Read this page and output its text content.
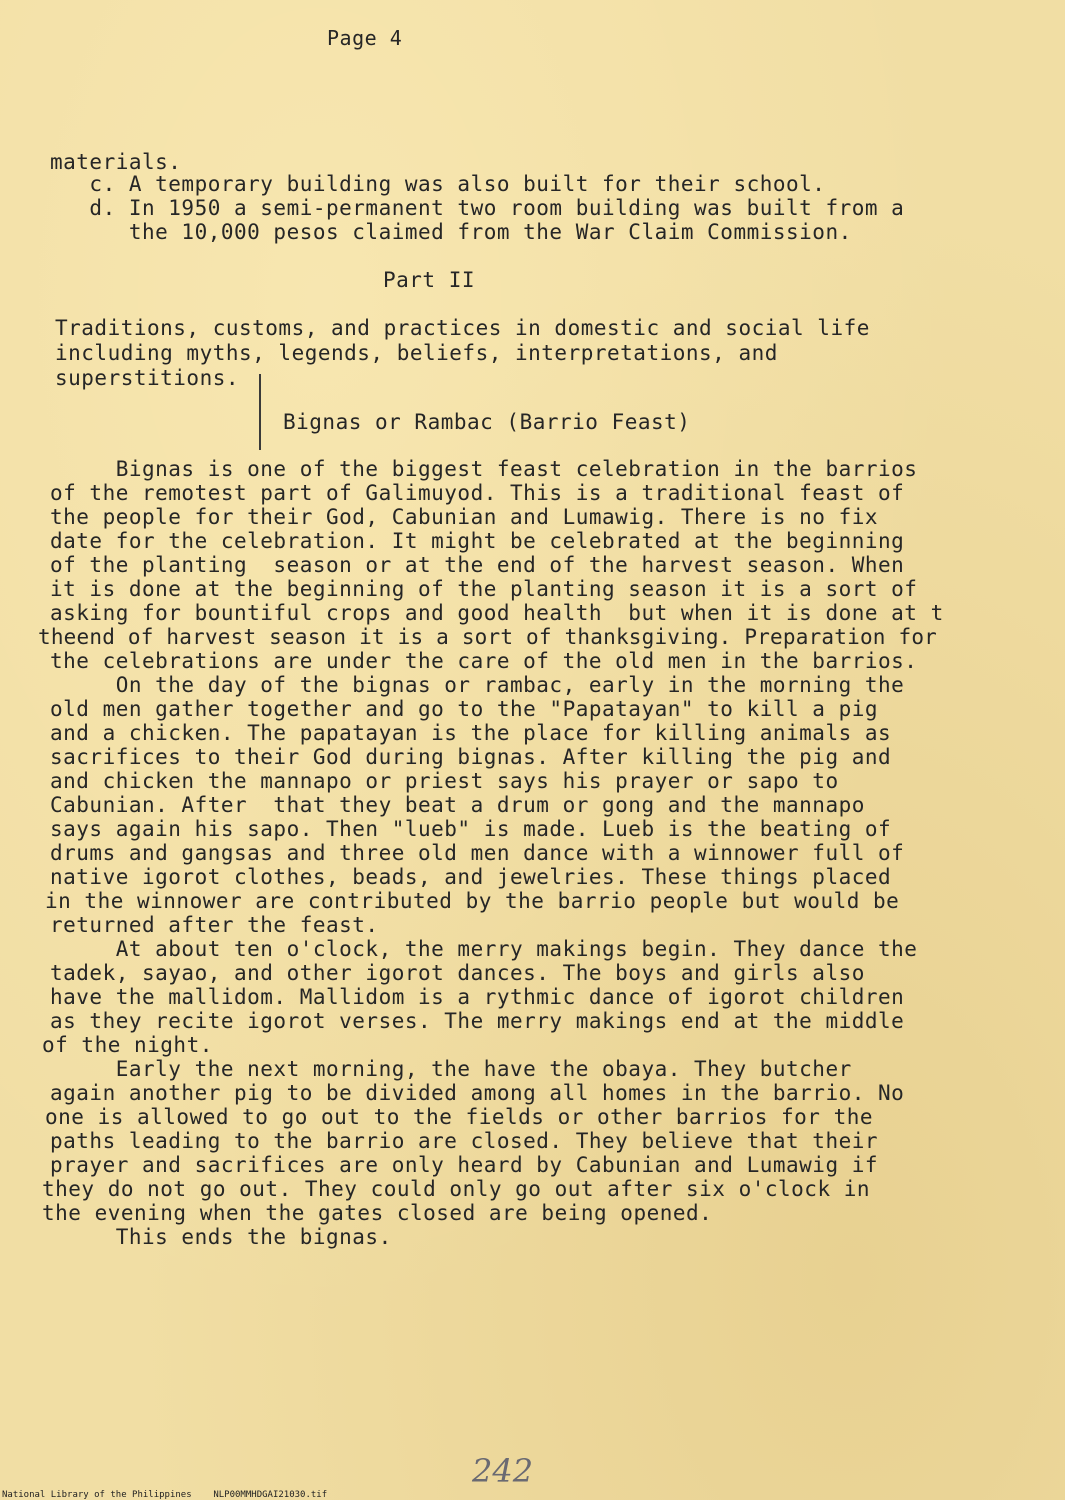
Page 4
materials.
c. A temporary building was also built for their school.
d. In 1950 a semi-permanent two room building was built from a
the 10,000 pesos claimed from the War Claim Commission.
Part II
Traditions, customs, and practices in domestic and social life
including myths, legends, beliefs, interpretations, and
superstitions.
Bignas or Rambac (Barrio Feast)
Bignas is one of the biggest feast celebration in the barrios
of the remotest part of Galimuyod. This is a traditional feast of
the people for their God, Cabunian and Lumawig. There is no fix
date for the celebration. It might be celebrated at the beginning
of the planting  season or at the end of the harvest season. When
it is done at the beginning of the planting season it is a sort of
asking for bountiful crops and good health  but when it is done at t
theend of harvest season it is a sort of thanksgiving. Preparation for
the celebrations are under the care of the old men in the barrios.
On the day of the bignas or rambac, early in the morning the
old men gather together and go to the "Papatayan" to kill a pig
and a chicken. The papatayan is the place for killing animals as
sacrifices to their God during bignas. After killing the pig and
and chicken the mannapo or priest says his prayer or sapo to
Cabunian. After  that they beat a drum or gong and the mannapo
says again his sapo. Then "lueb" is made. Lueb is the beating of
drums and gangsas and three old men dance with a winnower full of
native igorot clothes, beads, and jewelries. These things placed
in the winnower are contributed by the barrio people but would be
returned after the feast.
At about ten o'clock, the merry makings begin. They dance the
tadek, sayao, and other igorot dances. The boys and girls also
have the mallidom. Mallidom is a rythmic dance of igorot children
as they recite igorot verses. The merry makings end at the middle
of the night.
Early the next morning, the have the obaya. They butcher
again another pig to be divided among all homes in the barrio. No
one is allowed to go out to the fields or other barrios for the
paths leading to the barrio are closed. They believe that their
prayer and sacrifices are only heard by Cabunian and Lumawig if
they do not go out. They could only go out after six o'clock in
the evening when the gates closed are being opened.
This ends the bignas.
242
National Library of the Philippines NLP00MMHDGAI21030.tif
